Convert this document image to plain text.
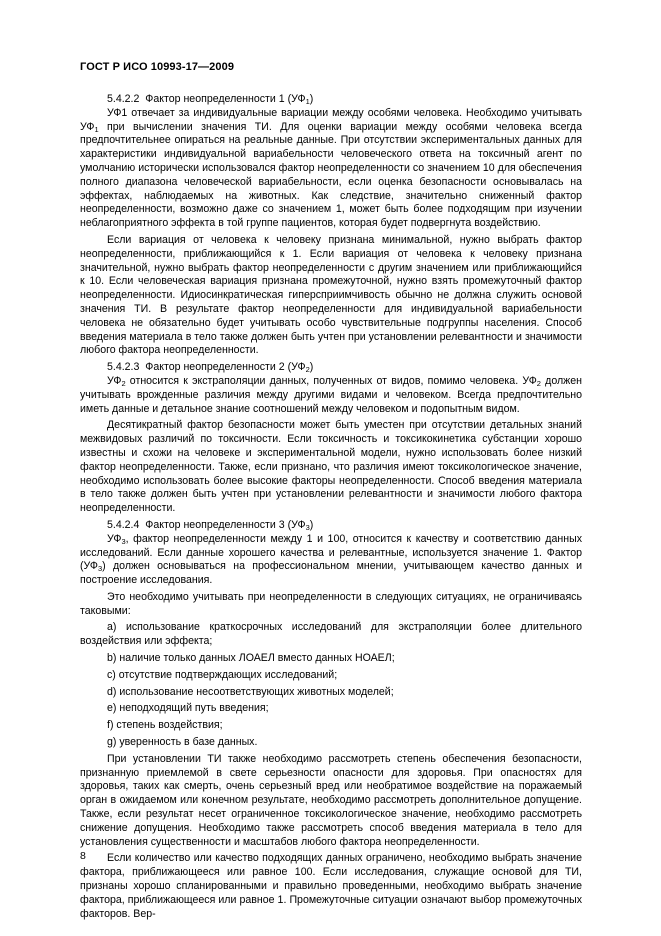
ГОСТ Р ИСО 10993-17—2009

5.4.2.2 Фактор неопределенности 1 $(УФ_1)$

УФ1 отвечает за индивидуальные вариации между особями человека. Необходимо учитывать $УФ_1$ при вычислении значения ТИ. Для оценки вариации между особями человека всегда предпочтительнее опираться на реальные данные. При отсутствии экспериментальных данных для характеристики индивидуальной вариабельности человеческого ответа на токсичный агент по умолчанию исторически использовался фактор неопределенности со значением 10 для обеспечения полного диапазона человеческой вариабельности, если оценка безопасности основывалась на эффектах, наблюдаемых на животных. Как следствие, значительно сниженный фактор неопределенности, возможно даже со значением 1, может быть более подходящим при изучении неблагоприятного эффекта в той группе пациентов, которая будет подвергнута воздействию.

Если вариация от человека к человеку признана минимальной, нужно выбрать фактор неопределенности, приближающийся к 1. Если вариация от человека к человеку признана значительной, нужно выбрать фактор неопределенности с другим значением или приближающийся к 10. Если человеческая вариация признана промежуточной, нужно взять промежуточный фактор неопределенности. Идиосинкратическая гиперсприимчивость обычно не должна служить основой значения ТИ. В результате фактор неопределенности для индивидуальной вариабельности человека не обязательно будет учитывать особо чувствительные подгруппы населения. Способ введения материала в тело также должен быть учтен при установлении релевантности и значимости любого фактора неопределенности.

5.4.2.3 Фактор неопределенности 2 $(УФ_2)$

$УФ_2$ относится к экстраполяции данных, полученных от видов, помимо человека. $УФ_2$ должен учитывать врожденные различия между другими видами и человеком. Всегда предпочтительно иметь данные и детальное знание соотношений между человеком и подопытным видом.

Десятикратный фактор безопасности может быть уместен при отсутствии детальных знаний межвидовых различий по токсичности. Если токсичность и токсикокинетика субстанции хорошо известны и схожи на человеке и экспериментальной модели, нужно использовать более низкий фактор неопределенности. Также, если признано, что различия имеют токсикологическое значение, необходимо использовать более высокие факторы неопределенности. Способ введения материала в тело также должен быть учтен при установлении релевантности и значимости любого фактора неопределенности.

5.4.2.4 Фактор неопределенности 3 $(УФ_3)$

$УФ_3$, фактор неопределенности между 1 и 100, относится к качеству и соответствию данных исследований. Если данные хорошего качества и релевантные, используется значение 1. Фактор $(УФ_3)$ должен основываться на профессиональном мнении, учитывающем качество данных и построение исследования.

Это необходимо учитывать при неопределенности в следующих ситуациях, не ограничиваясь таковыми:

a) использование краткосрочных исследований для экстраполяции более длительного воздействия или эффекта;

b) наличие только данных ЛОАЕЛ вместо данных НОАЕЛ;

c) отсутствие подтверждающих исследований;

d) использование несоответствующих животных моделей;

e) неподходящий путь введения;

f) степень воздействия;

g) уверенность в базе данных.

При установлении ТИ также необходимо рассмотреть степень обеспечения безопасности, признанную приемлемой в свете серьезности опасности для здоровья. При опасностях для здоровья, таких как смерть, очень серьезный вред или необратимое воздействие на поражаемый орган в ожидаемом или конечном результате, необходимо рассмотреть дополнительное допущение. Также, если результат несет ограниченное токсикологическое значение, необходимо рассмотреть снижение допущения. Необходимо также рассмотреть способ введения материала в тело для установления существенности и масштабов любого фактора неопределенности.

Если количество или качество подходящих данных ограничено, необходимо выбрать значение фактора, приближающееся или равное 100. Если исследования, служащие основой для ТИ, признаны хорошо спланированными и правильно проведенными, необходимо выбрать значение фактора, приближающееся или равное 1. Промежуточные ситуации означают выбор промежуточных факторов. Вер-

8
